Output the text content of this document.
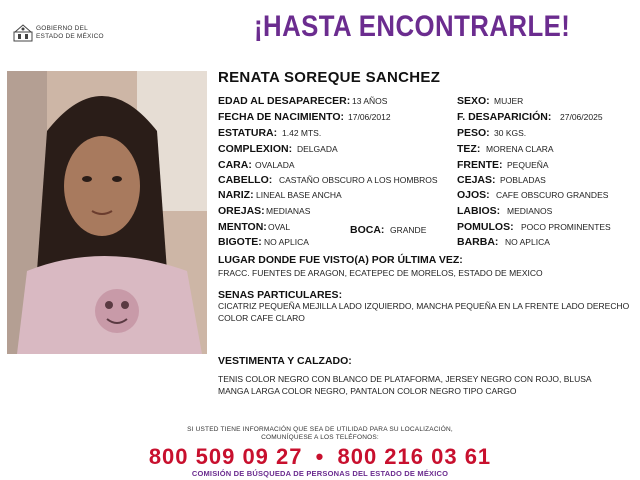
GOBIERNO DEL
ESTADO DE MÉXICO	¡HASTA ENCONTRARLE!
RENATA SOREQUE SANCHEZ
EDAD AL DESAPARECER: 13 AÑOS
FECHA DE NACIMIENTO: 17/06/2012
ESTATURA: 1.42 MTS.
COMPLEXION: DELGADA
CARA: OVALADA
CABELLO: CASTAÑO OBSCURO A LOS HOMBROS
NARIZ: LINEAL BASE ANCHA
OREJAS: MEDIANAS
MENTON: OVAL	BOCA: GRANDE
BIGOTE: NO APLICA
SEXO: MUJER
F. DESAPARICIÓN: 27/06/2025
PESO: 30 KGS.
TEZ: MORENA CLARA
FRENTE: PEQUEÑA
CEJAS: POBLADAS
OJOS: CAFE OBSCURO GRANDES
LABIOS: MEDIANOS
POMULOS: POCO PROMINENTES
BARBA: NO APLICA
LUGAR DONDE FUE VISTO(A) POR ÚLTIMA VEZ:
FRACC. FUENTES DE ARAGON, ECATEPEC DE MORELOS, ESTADO DE MEXICO
SENAS PARTICULARES:
CICATRIZ PEQUEÑA MEJILLA LADO IZQUIERDO, MANCHA PEQUEÑA EN LA FRENTE LADO DERECHO COLOR CAFE CLARO
VESTIMENTA Y CALZADO:
TENIS COLOR NEGRO CON BLANCO DE PLATAFORMA, JERSEY NEGRO CON ROJO, BLUSA MANGA LARGA COLOR NEGRO, PANTALON COLOR NEGRO TIPO CARGO
SI USTED TIENE INFORMACIÓN QUE SEA DE UTILIDAD PARA SU LOCALIZACIÓN,
COMUNÍQUESE A LOS TELÉFONOS:
800 509 09 27 • 800 216 03 61
COMISIÓN DE BÚSQUEDA DE PERSONAS DEL ESTADO DE MÉXICO
